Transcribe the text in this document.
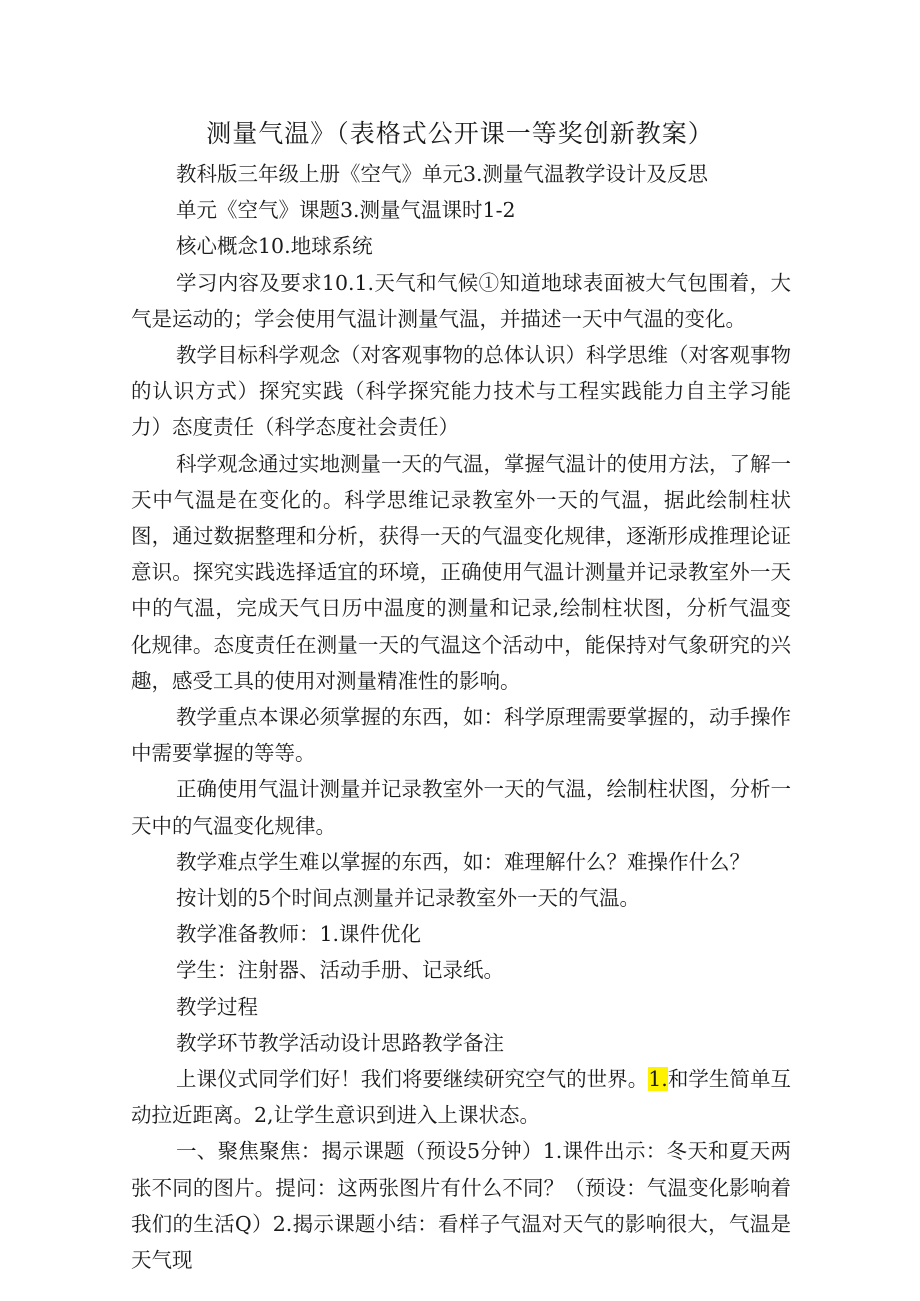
测量气温》（表格式公开课一等奖创新教案）

教科版三年级上册《空气》单元3.测量气温教学设计及反思

单元《空气》课题3.测量气温课时1-2

核心概念10.地球系统

学习内容及要求10.1.天气和气候①知道地球表面被大气包围着，大气是运动的；学会使用气温计测量气温，并描述一天中气温的变化。

教学目标科学观念（对客观事物的总体认识）科学思维（对客观事物的认识方式）探究实践（科学探究能力技术与工程实践能力自主学习能力）态度责任（科学态度社会责任）

科学观念通过实地测量一天的气温，掌握气温计的使用方法，了解一天中气温是在变化的。科学思维记录教室外一天的气温，据此绘制柱状图，通过数据整理和分析，获得一天的气温变化规律，逐渐形成推理论证意识。探究实践选择适宜的环境，正确使用气温计测量并记录教室外一天中的气温，完成天气日历中温度的测量和记录,绘制柱状图，分析气温变化规律。态度责任在测量一天的气温这个活动中，能保持对气象研究的兴趣，感受工具的使用对测量精准性的影响。

教学重点本课必须掌握的东西，如：科学原理需要掌握的，动手操作中需要掌握的等等。

正确使用气温计测量并记录教室外一天的气温，绘制柱状图，分析一天中的气温变化规律。

教学难点学生难以掌握的东西，如：难理解什么？难操作什么？

按计划的5个时间点测量并记录教室外一天的气温。

教学准备教师：1.课件优化

学生：注射器、活动手册、记录纸。

教学过程

教学环节教学活动设计思路教学备注

上课仪式同学们好！我们将要继续研究空气的世界。1.和学生简单互动拉近距离。2,让学生意识到进入上课状态。

一、聚焦聚焦：揭示课题（预设5分钟）1.课件出示：冬天和夏天两张不同的图片。提问：这两张图片有什么不同？（预设：气温变化影响着我们的生活Q）2.揭示课题小结：看样子气温对天气的影响很大，气温是天气现
